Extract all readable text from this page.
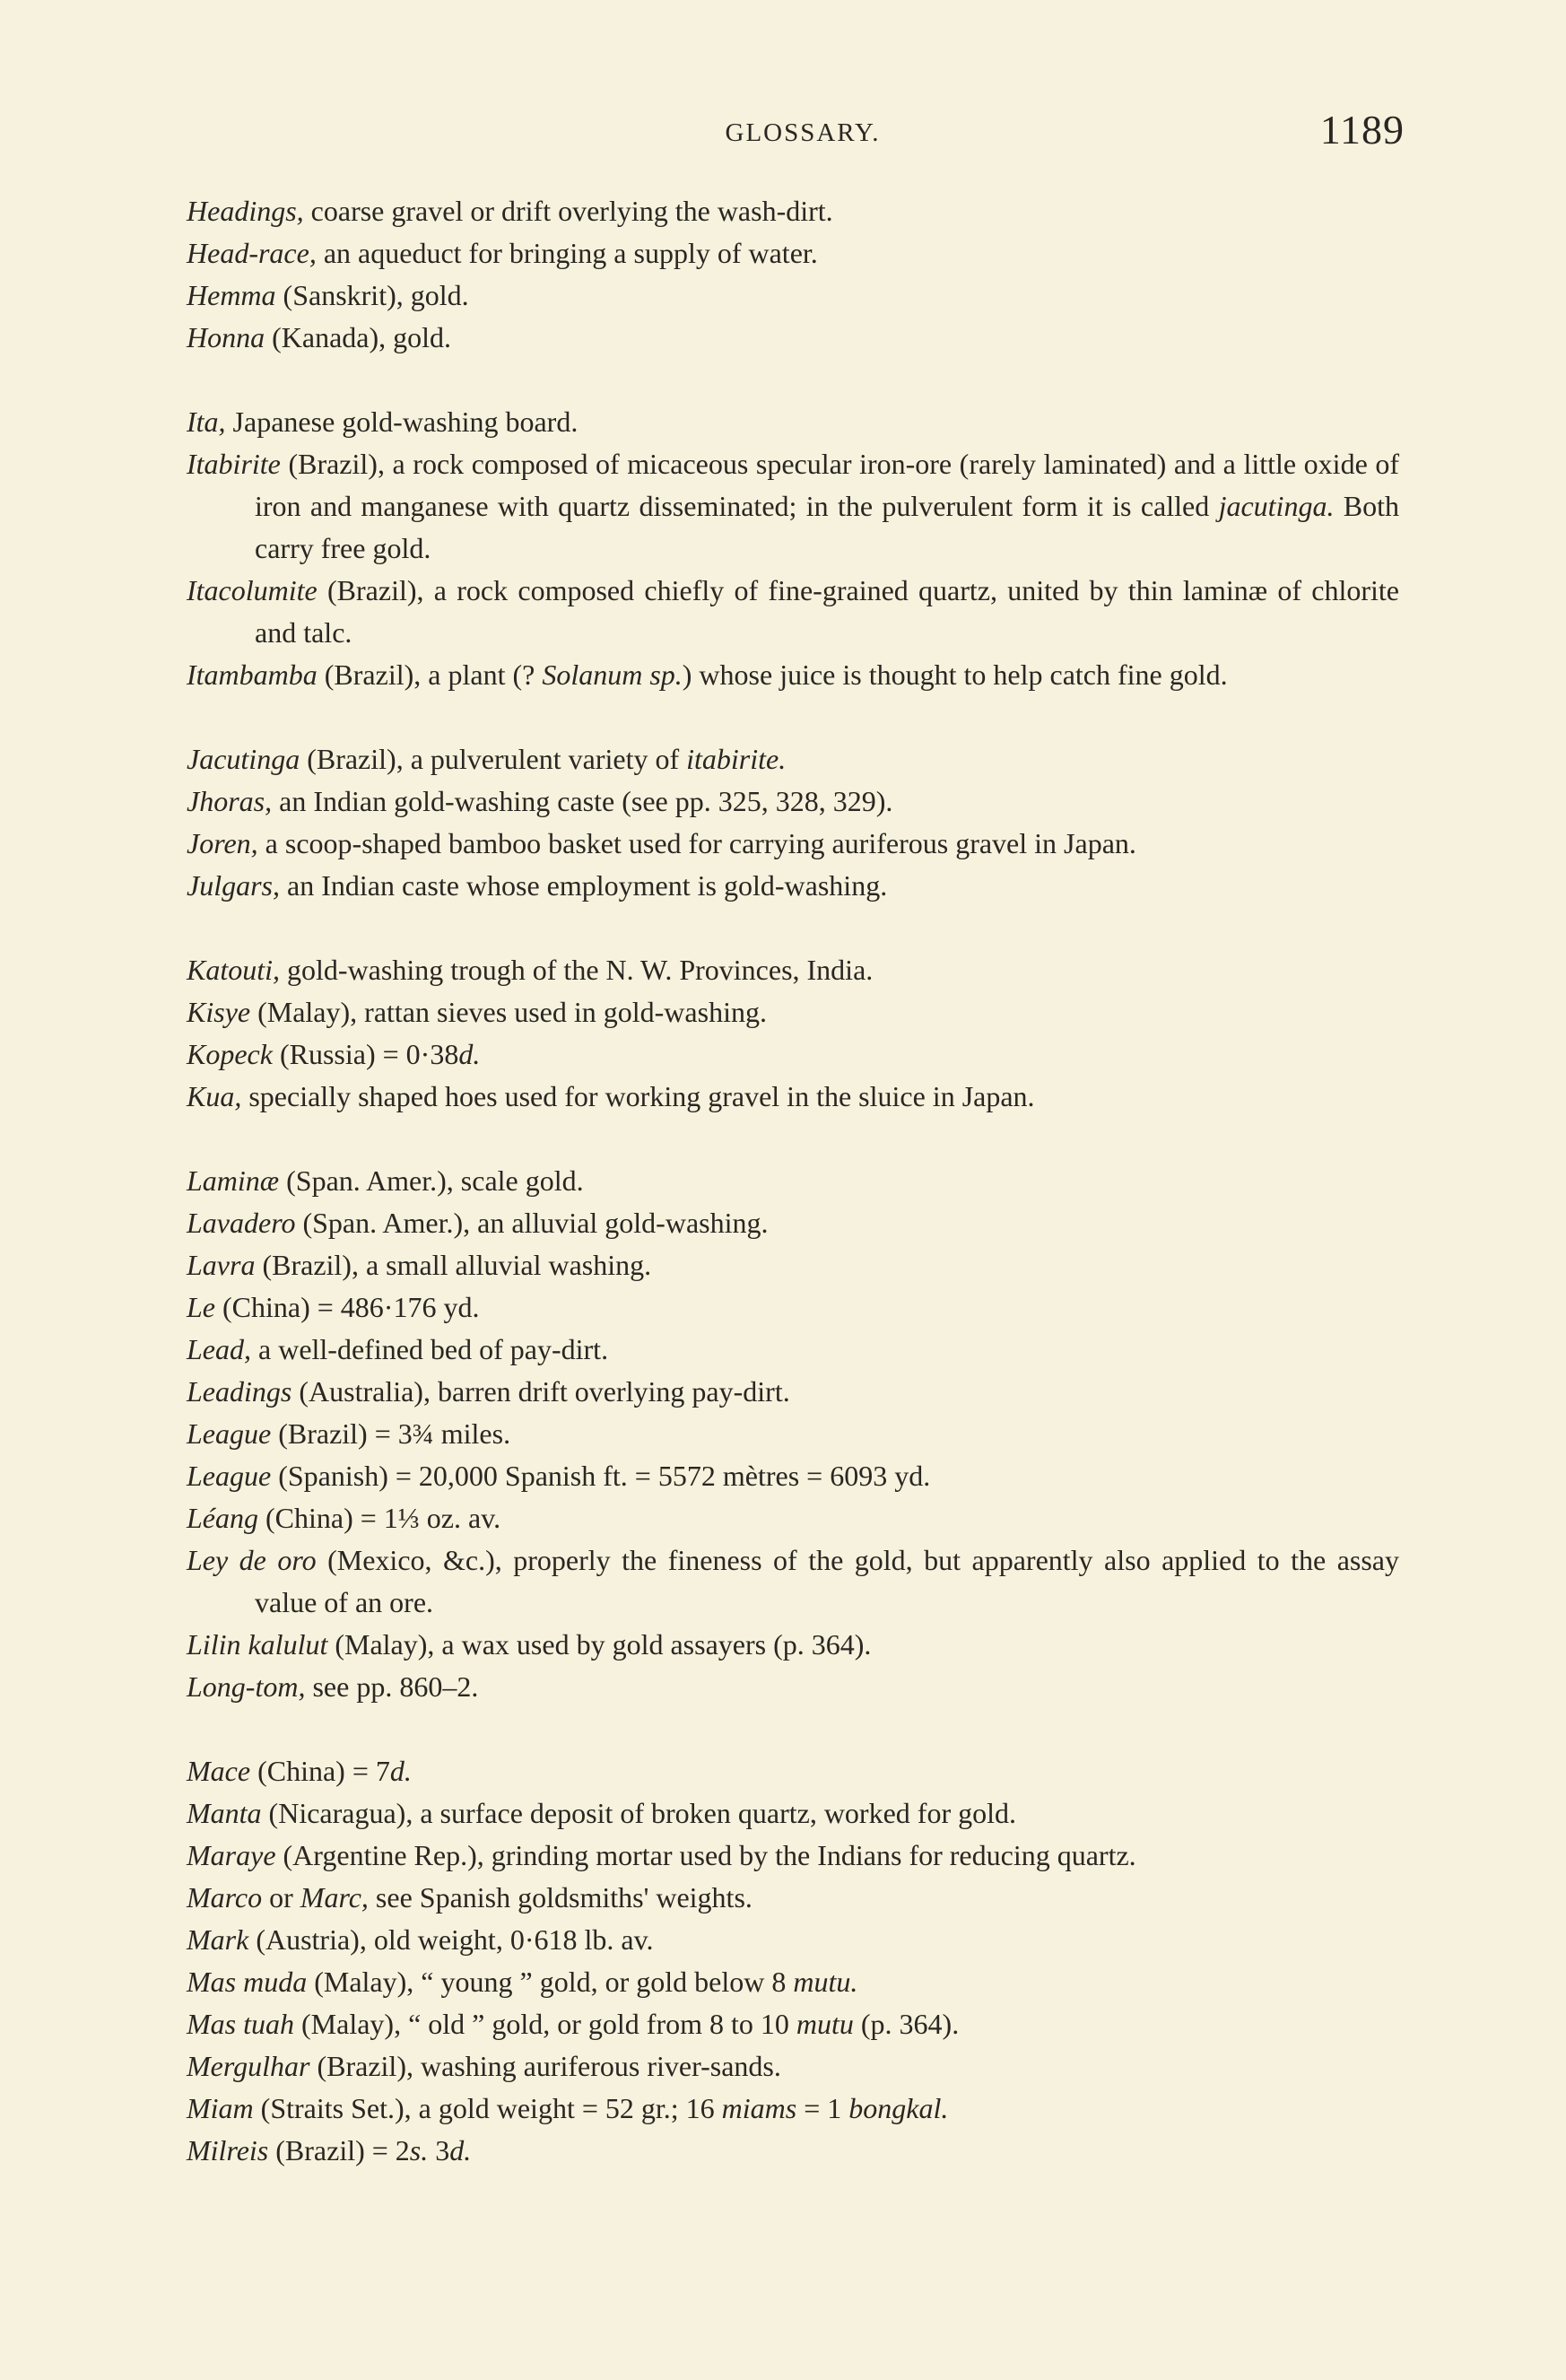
GLOSSARY.	1189
Headings, coarse gravel or drift overlying the wash-dirt.
Head-race, an aqueduct for bringing a supply of water.
Hemma (Sanskrit), gold.
Honna (Kanada), gold.
Ita, Japanese gold-washing board.
Itabirite (Brazil), a rock composed of micaceous specular iron-ore (rarely laminated) and a little oxide of iron and manganese with quartz disseminated; in the pulverulent form it is called jacutinga. Both carry free gold.
Itacolumite (Brazil), a rock composed chiefly of fine-grained quartz, united by thin laminæ of chlorite and talc.
Itambamba (Brazil), a plant (? Solanum sp.) whose juice is thought to help catch fine gold.
Jacutinga (Brazil), a pulverulent variety of itabirite.
Jhoras, an Indian gold-washing caste (see pp. 325, 328, 329).
Joren, a scoop-shaped bamboo basket used for carrying auriferous gravel in Japan.
Julgars, an Indian caste whose employment is gold-washing.
Katouti, gold-washing trough of the N. W. Provinces, India.
Kisye (Malay), rattan sieves used in gold-washing.
Kopeck (Russia) = 0·38d.
Kua, specially shaped hoes used for working gravel in the sluice in Japan.
Laminæ (Span. Amer.), scale gold.
Lavadero (Span. Amer.), an alluvial gold-washing.
Lavra (Brazil), a small alluvial washing.
Le (China) = 486·176 yd.
Lead, a well-defined bed of pay-dirt.
Leadings (Australia), barren drift overlying pay-dirt.
League (Brazil) = 3¾ miles.
League (Spanish) = 20,000 Spanish ft. = 5572 mètres = 6093 yd.
Léang (China) = 1⅓ oz. av.
Ley de oro (Mexico, &c.), properly the fineness of the gold, but apparently also applied to the assay value of an ore.
Lilin kalulut (Malay), a wax used by gold assayers (p. 364).
Long-tom, see pp. 860–2.
Mace (China) = 7d.
Manta (Nicaragua), a surface deposit of broken quartz, worked for gold.
Maraye (Argentine Rep.), grinding mortar used by the Indians for reducing quartz.
Marco or Marc, see Spanish goldsmiths' weights.
Mark (Austria), old weight, 0·618 lb. av.
Mas muda (Malay), “ young ” gold, or gold below 8 mutu.
Mas tuah (Malay), “ old ” gold, or gold from 8 to 10 mutu (p. 364).
Mergulhar (Brazil), washing auriferous river-sands.
Miam (Straits Set.), a gold weight = 52 gr.; 16 miams = 1 bongkal.
Milreis (Brazil) = 2s. 3d.
